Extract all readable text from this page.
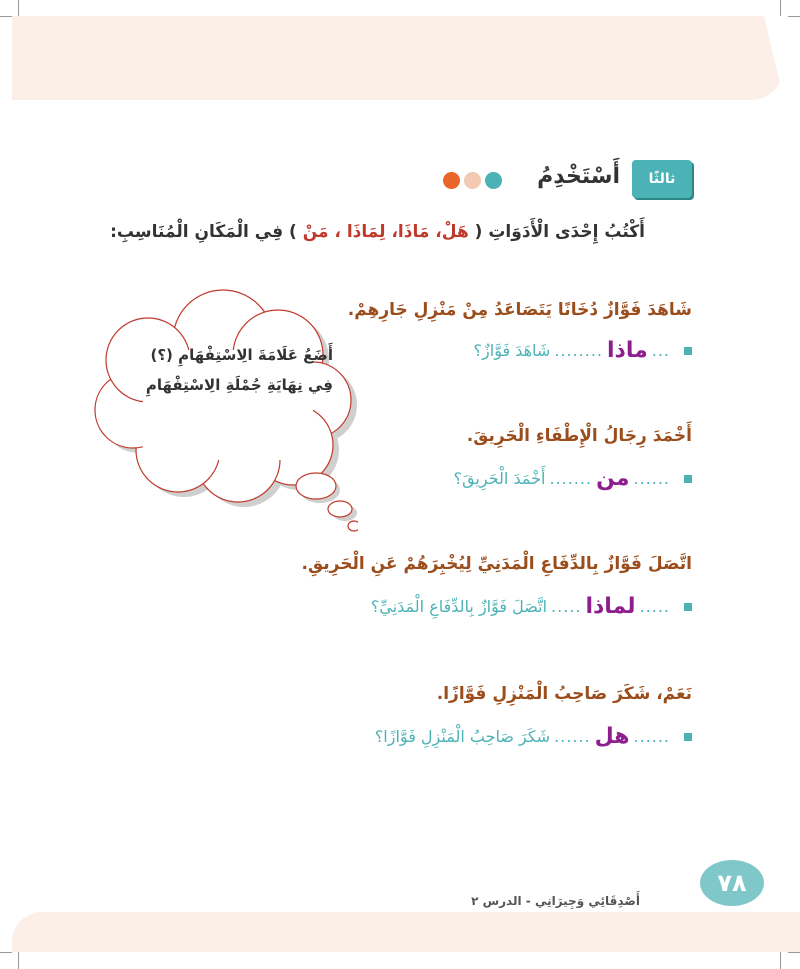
ثالثًا
أَسْتَخْدِمُ
أَكْتُبُ إِحْدَى الْأَدَوَاتِ ( هَلْ، مَاذَا، لِمَاذَا ، مَنْ ) فِي الْمَكَانِ الْمُنَاسِبِ:
شَاهَدَ فَوَّازٌ دُخَانًا يَتَصَاعَدُ مِنْ مَنْزِلِ جَارِهِمْ.
...
ماذا
........
شَاهَدَ فَوَّازٌ؟
أَخْمَدَ رِجَالُ الْإِطْفَاءِ الْحَرِيقَ.
......
من
.......
أَخْمَدَ الْحَرِيقَ؟
اتَّصَلَ فَوَّازٌ بِالدِّفَاعِ الْمَدَنِيِّ لِيُخْبِرَهُمْ عَنِ الْحَرِيقِ.
.....
لماذا
.....
اتَّصَلَ فَوَّازٌ بِالدِّفَاعِ الْمَدَنِيِّ؟
نَعَمْ، شَكَرَ صَاحِبُ الْمَنْزِلِ فَوَّازًا.
......
هل
......
شَكَرَ صَاحِبُ الْمَنْزِلِ فَوَّازًا؟
أَضَعُ عَلَامَةَ الِاسْتِفْهَامِ (؟)
فِي نِهَايَةِ جُمْلَةِ الِاسْتِفْهَامِ
٧٨
أَصْدِقَائِي وَجِيرَانِي - الدرس ٢
